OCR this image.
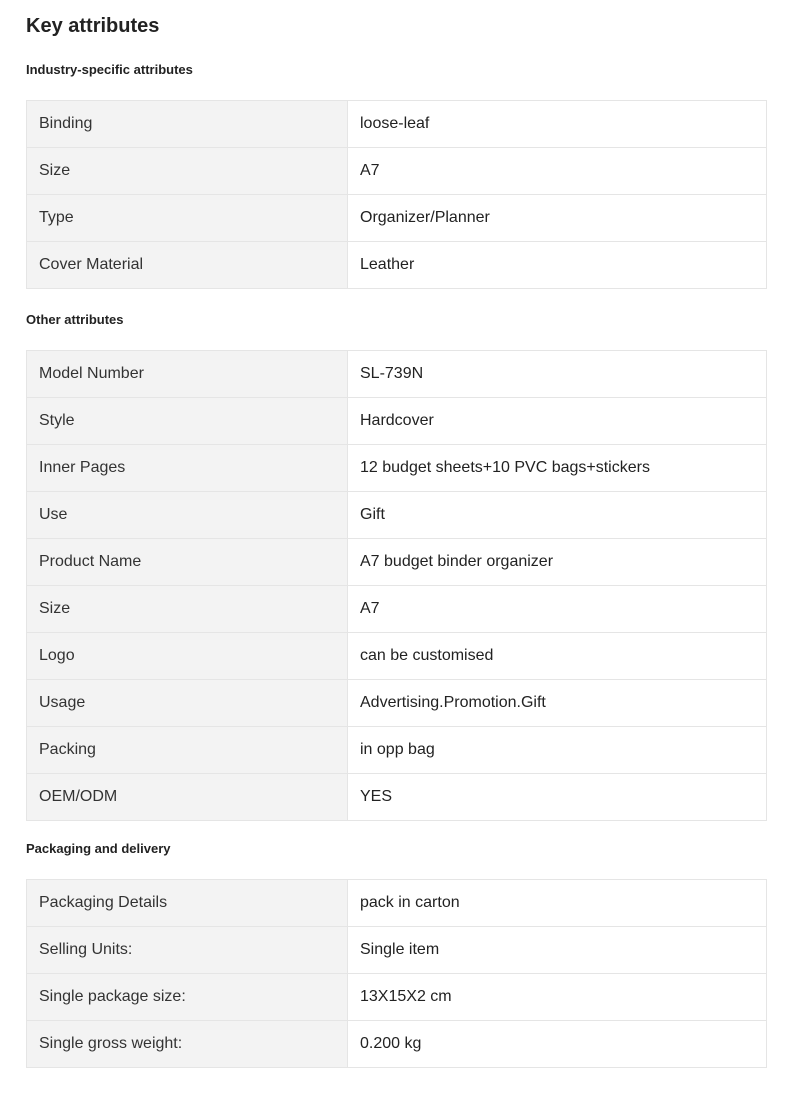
Key attributes
Industry-specific attributes
Binding	loose-leaf
Size	A7
Type	Organizer/Planner
Cover Material	Leather
Other attributes
Model Number	SL-739N
Style	Hardcover
Inner Pages	12 budget sheets+10 PVC bags+stickers
Use	Gift
Product Name	A7 budget binder organizer
Size	A7
Logo	can be customised
Usage	Advertising.Promotion.Gift
Packing	in opp bag
OEM/ODM	YES
Packaging and delivery
Packaging Details	pack in carton
Selling Units:	Single item
Single package size:	13X15X2 cm
Single gross weight:	0.200 kg
